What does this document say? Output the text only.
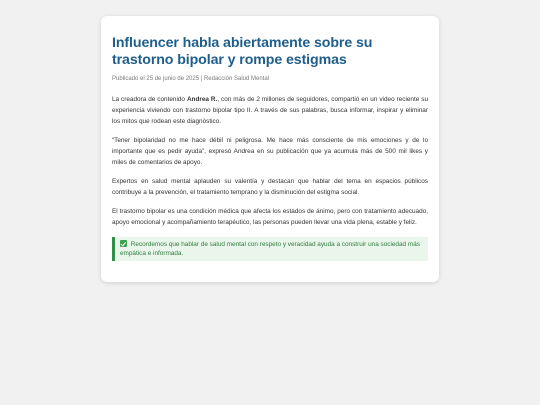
Influencer habla abiertamente sobre su trastorno bipolar y rompe estigmas
Publicado el 25 de junio de 2025 | Redacción Salud Mental

La creadora de contenido Andrea R., con más de 2 millones de seguidores, compartió en un video reciente su experiencia viviendo con trastorno bipolar tipo II. A través de sus palabras, busca informar, inspirar y eliminar los mitos que rodean este diagnóstico.

“Tener bipolaridad no me hace débil ni peligrosa. Me hace más consciente de mis emociones y de lo importante que es pedir ayuda”, expresó Andrea en su publicación que ya acumula más de 500 mil likes y miles de comentarios de apoyo.

Expertos en salud mental aplauden su valentía y destacan que hablar del tema en espacios públicos contribuye a la prevención, el tratamiento temprano y la disminución del estigma social.

El trastorno bipolar es una condición médica que afecta los estados de ánimo, pero con tratamiento adecuado, apoyo emocional y acompañamiento terapéutico, las personas pueden llevar una vida plena, estable y feliz.

Recordemos que hablar de salud mental con respeto y veracidad ayuda a construir una sociedad más empática e informada.
